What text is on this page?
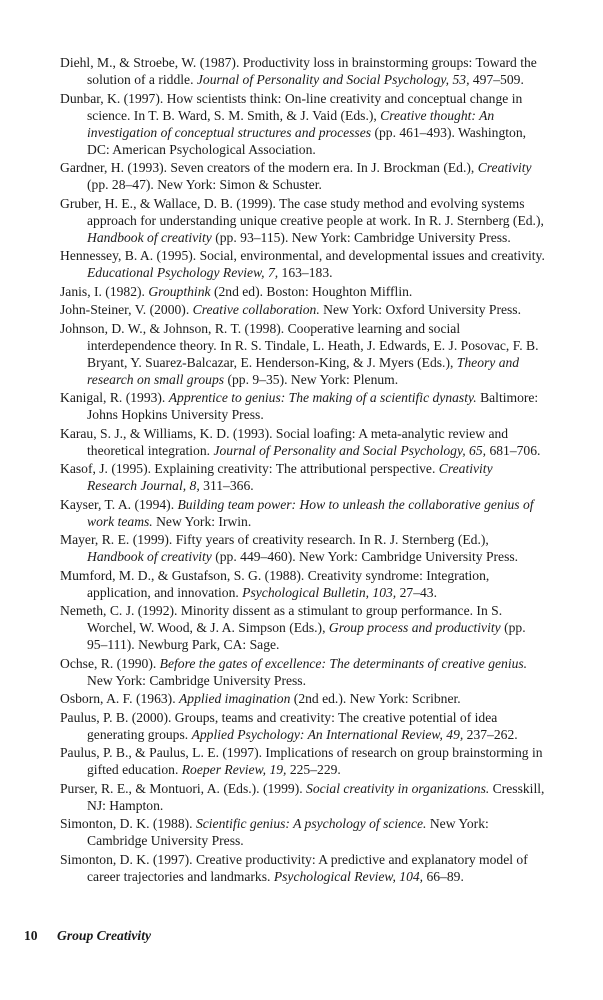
Diehl, M., & Stroebe, W. (1987). Productivity loss in brainstorming groups: Toward the solution of a riddle. Journal of Personality and Social Psychology, 53, 497–509.

Dunbar, K. (1997). How scientists think: On-line creativity and conceptual change in science. In T. B. Ward, S. M. Smith, & J. Vaid (Eds.), Creative thought: An investigation of conceptual structures and processes (pp. 461–493). Washington, DC: American Psychological Association.

Gardner, H. (1993). Seven creators of the modern era. In J. Brockman (Ed.), Creativity (pp. 28–47). New York: Simon & Schuster.

Gruber, H. E., & Wallace, D. B. (1999). The case study method and evolving systems approach for understanding unique creative people at work. In R. J. Sternberg (Ed.), Handbook of creativity (pp. 93–115). New York: Cambridge University Press.

Hennessey, B. A. (1995). Social, environmental, and developmental issues and creativity. Educational Psychology Review, 7, 163–183.

Janis, I. (1982). Groupthink (2nd ed). Boston: Houghton Mifflin.

John-Steiner, V. (2000). Creative collaboration. New York: Oxford University Press.

Johnson, D. W., & Johnson, R. T. (1998). Cooperative learning and social interdependence theory. In R. S. Tindale, L. Heath, J. Edwards, E. J. Posovac, F. B. Bryant, Y. Suarez-Balcazar, E. Henderson-King, & J. Myers (Eds.), Theory and research on small groups (pp. 9–35). New York: Plenum.

Kanigal, R. (1993). Apprentice to genius: The making of a scientific dynasty. Baltimore: Johns Hopkins University Press.

Karau, S. J., & Williams, K. D. (1993). Social loafing: A meta-analytic review and theoretical integration. Journal of Personality and Social Psychology, 65, 681–706.

Kasof, J. (1995). Explaining creativity: The attributional perspective. Creativity Research Journal, 8, 311–366.

Kayser, T. A. (1994). Building team power: How to unleash the collaborative genius of work teams. New York: Irwin.

Mayer, R. E. (1999). Fifty years of creativity research. In R. J. Sternberg (Ed.), Handbook of creativity (pp. 449–460). New York: Cambridge University Press.

Mumford, M. D., & Gustafson, S. G. (1988). Creativity syndrome: Integration, application, and innovation. Psychological Bulletin, 103, 27–43.

Nemeth, C. J. (1992). Minority dissent as a stimulant to group performance. In S. Worchel, W. Wood, & J. A. Simpson (Eds.), Group process and productivity (pp. 95–111). Newburg Park, CA: Sage.

Ochse, R. (1990). Before the gates of excellence: The determinants of creative genius. New York: Cambridge University Press.

Osborn, A. F. (1963). Applied imagination (2nd ed.). New York: Scribner.

Paulus, P. B. (2000). Groups, teams and creativity: The creative potential of idea generating groups. Applied Psychology: An International Review, 49, 237–262.

Paulus, P. B., & Paulus, L. E. (1997). Implications of research on group brainstorming in gifted education. Roeper Review, 19, 225–229.

Purser, R. E., & Montuori, A. (Eds.). (1999). Social creativity in organizations. Cresskill, NJ: Hampton.

Simonton, D. K. (1988). Scientific genius: A psychology of science. New York: Cambridge University Press.

Simonton, D. K. (1997). Creative productivity: A predictive and explanatory model of career trajectories and landmarks. Psychological Review, 104, 66–89.

10 Group Creativity
